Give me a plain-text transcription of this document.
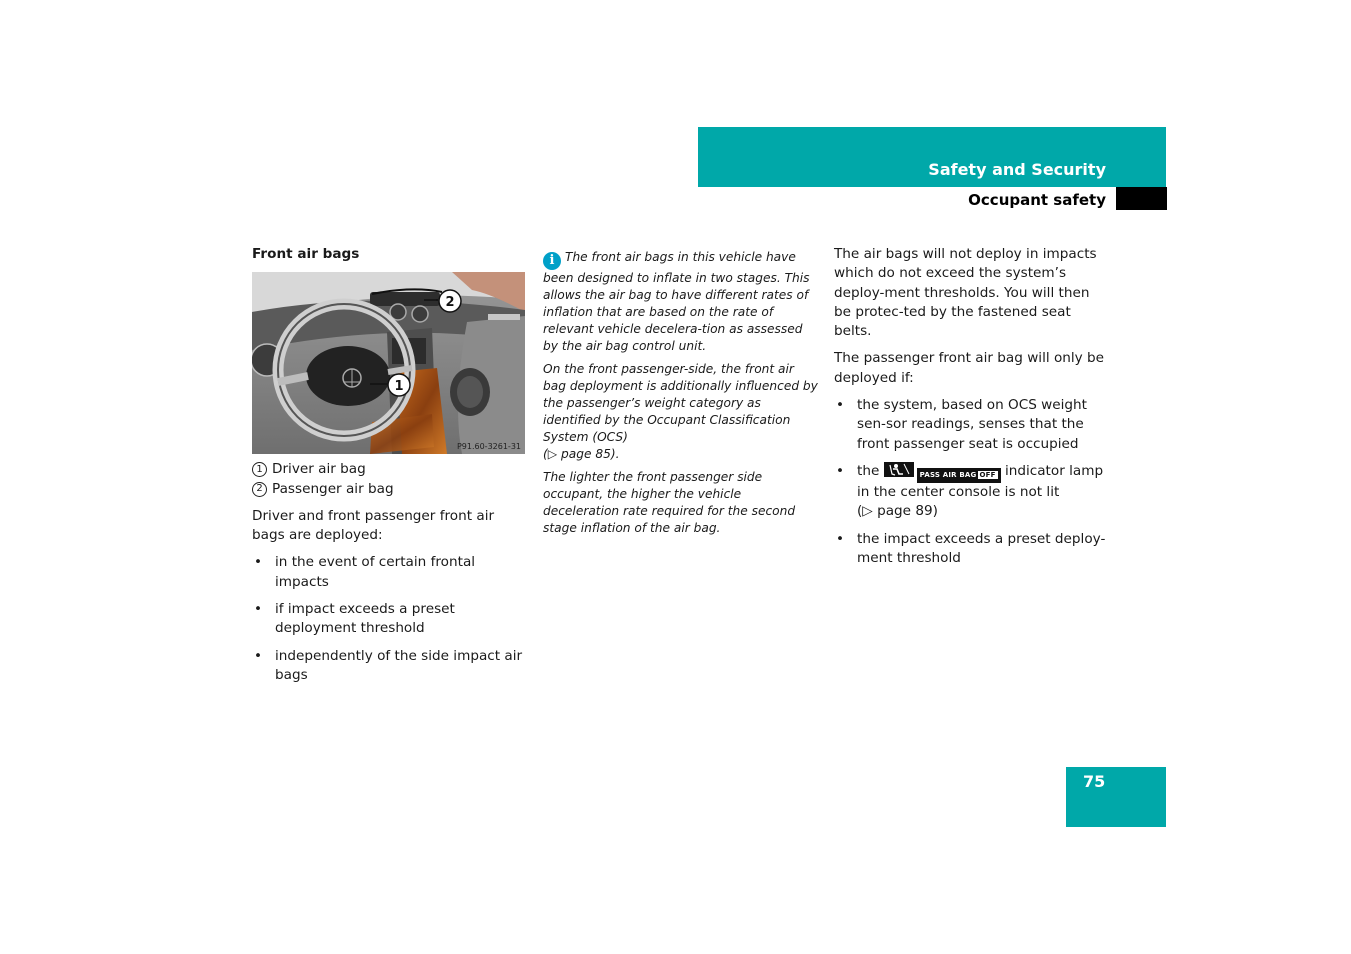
Safety and Security
Occupant safety
Front air bags
1
2
P91.60-3261-31
1 Driver air bag
2 Passenger air bag

Driver and front passenger front air bags are deployed:

• in the event of certain frontal impacts
• if impact exceeds a preset deployment threshold
• independently of the side impact air bags

i The front air bags in this vehicle have been designed to inflate in two stages. This allows the air bag to have different rates of inflation that are based on the rate of relevant vehicle decelera-tion as assessed by the air bag control unit.

On the front passenger-side, the front air bag deployment is additionally influenced by the passenger’s weight category as identified by the Occupant Classification System (OCS)
(▷ page 85).

The lighter the front passenger side occupant, the higher the vehicle deceleration rate required for the second stage inflation of the air bag.

The air bags will not deploy in impacts which do not exceed the system’s deploy-ment thresholds. You will then be protec-ted by the fastened seat belts.

The passenger front air bag will only be deployed if:

• the system, based on OCS weight sen-sor readings, senses that the front passenger seat is occupied
• the	PASS AIR BAG OFF indicator lamp in the center console is not lit
(▷ page 89)
• the impact exceeds a preset deploy-ment threshold
75
